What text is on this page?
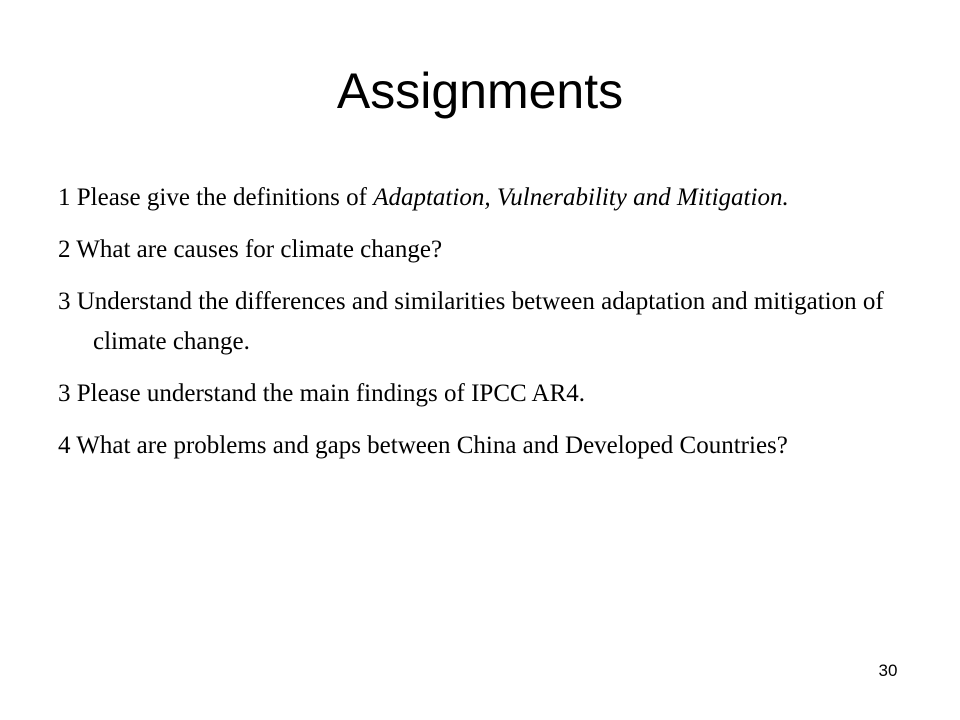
Assignments
1 Please give the definitions of Adaptation, Vulnerability and Mitigation.
2 What are causes for climate change?
3 Understand the differences and similarities between adaptation and mitigation of climate change.
3 Please understand the main findings of IPCC AR4.
4 What are problems and gaps between China and Developed Countries?
30
